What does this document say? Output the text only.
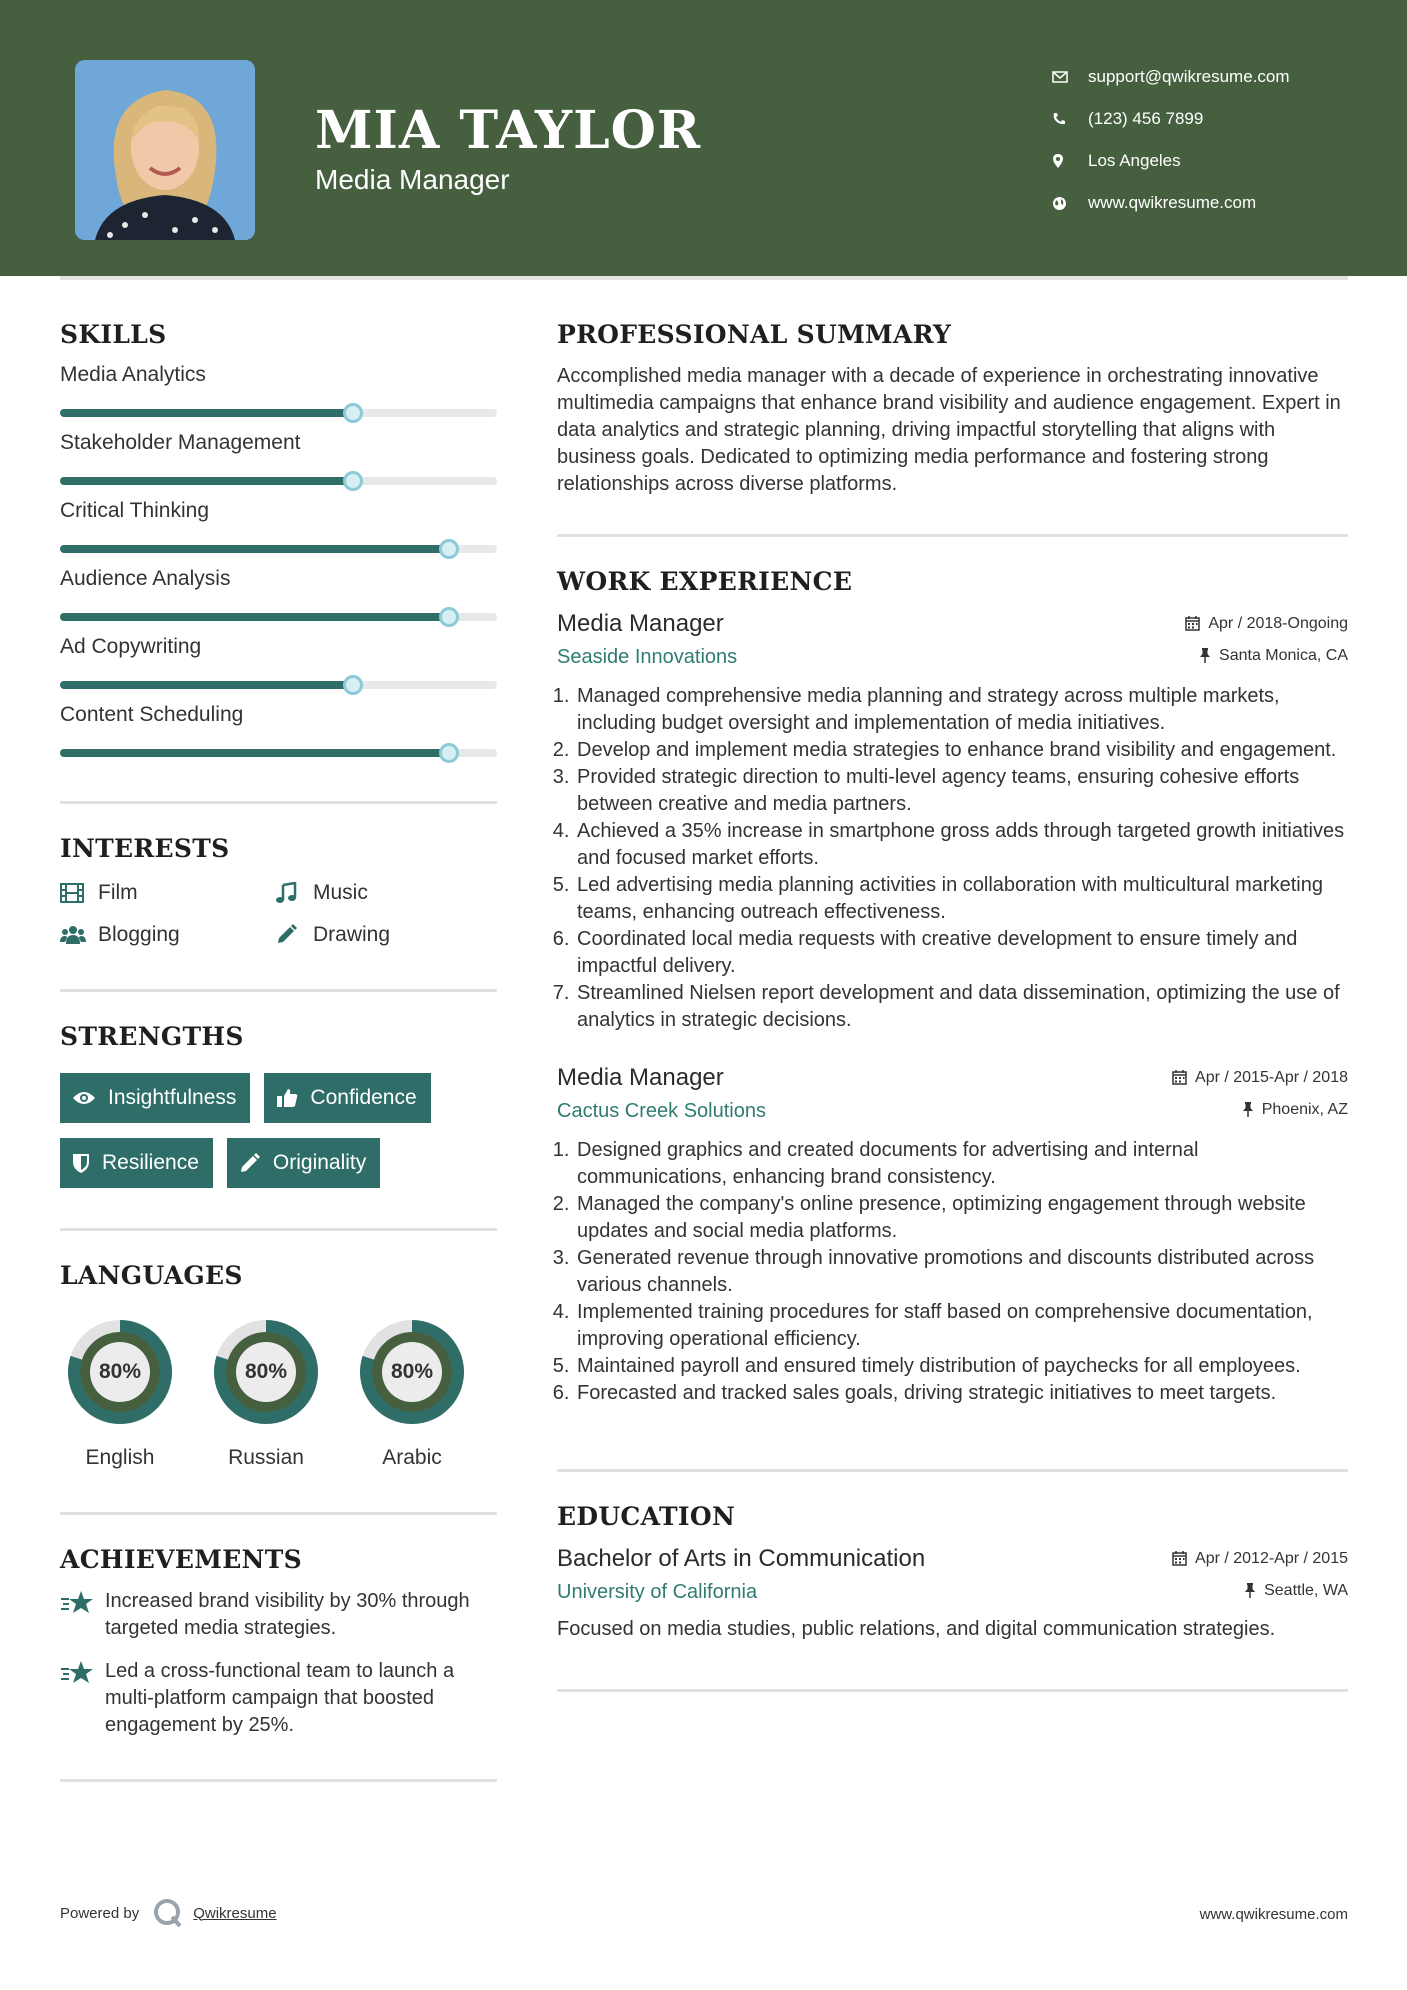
MIA TAYLOR
Media Manager
support@qwikresume.com
(123) 456 7899
Los Angeles
www.qwikresume.com
SKILLS
Media Analytics
Stakeholder Management
Critical Thinking
Audience Analysis
Ad Copywriting
Content Scheduling
INTERESTS
Film	Music
Blogging	Drawing
STRENGTHS
Insightfulness	Confidence
Resilience	Originality
LANGUAGES
80%
English
80%
Russian
80%
Arabic
ACHIEVEMENTS
Increased brand visibility by 30% through targeted media strategies.
Led a cross-functional team to launch a multi-platform campaign that boosted engagement by 25%.
PROFESSIONAL SUMMARY
Accomplished media manager with a decade of experience in orchestrating innovative multimedia campaigns that enhance brand visibility and audience engagement. Expert in data analytics and strategic planning, driving impactful storytelling that aligns with business goals. Dedicated to optimizing media performance and fostering strong relationships across diverse platforms.
WORK EXPERIENCE
Media Manager	Apr / 2018-Ongoing
Seaside Innovations	Santa Monica, CA
1. Managed comprehensive media planning and strategy across multiple markets, including budget oversight and implementation of media initiatives.
2. Develop and implement media strategies to enhance brand visibility and engagement.
3. Provided strategic direction to multi-level agency teams, ensuring cohesive efforts between creative and media partners.
4. Achieved a 35% increase in smartphone gross adds through targeted growth initiatives and focused market efforts.
5. Led advertising media planning activities in collaboration with multicultural marketing teams, enhancing outreach effectiveness.
6. Coordinated local media requests with creative development to ensure timely and impactful delivery.
7. Streamlined Nielsen report development and data dissemination, optimizing the use of analytics in strategic decisions.
Media Manager	Apr / 2015-Apr / 2018
Cactus Creek Solutions	Phoenix, AZ
1. Designed graphics and created documents for advertising and internal communications, enhancing brand consistency.
2. Managed the company's online presence, optimizing engagement through website updates and social media platforms.
3. Generated revenue through innovative promotions and discounts distributed across various channels.
4. Implemented training procedures for staff based on comprehensive documentation, improving operational efficiency.
5. Maintained payroll and ensured timely distribution of paychecks for all employees.
6. Forecasted and tracked sales goals, driving strategic initiatives to meet targets.
EDUCATION
Bachelor of Arts in Communication	Apr / 2012-Apr / 2015
University of California	Seattle, WA
Focused on media studies, public relations, and digital communication strategies.
Powered by	Qwikresume	www.qwikresume.com
